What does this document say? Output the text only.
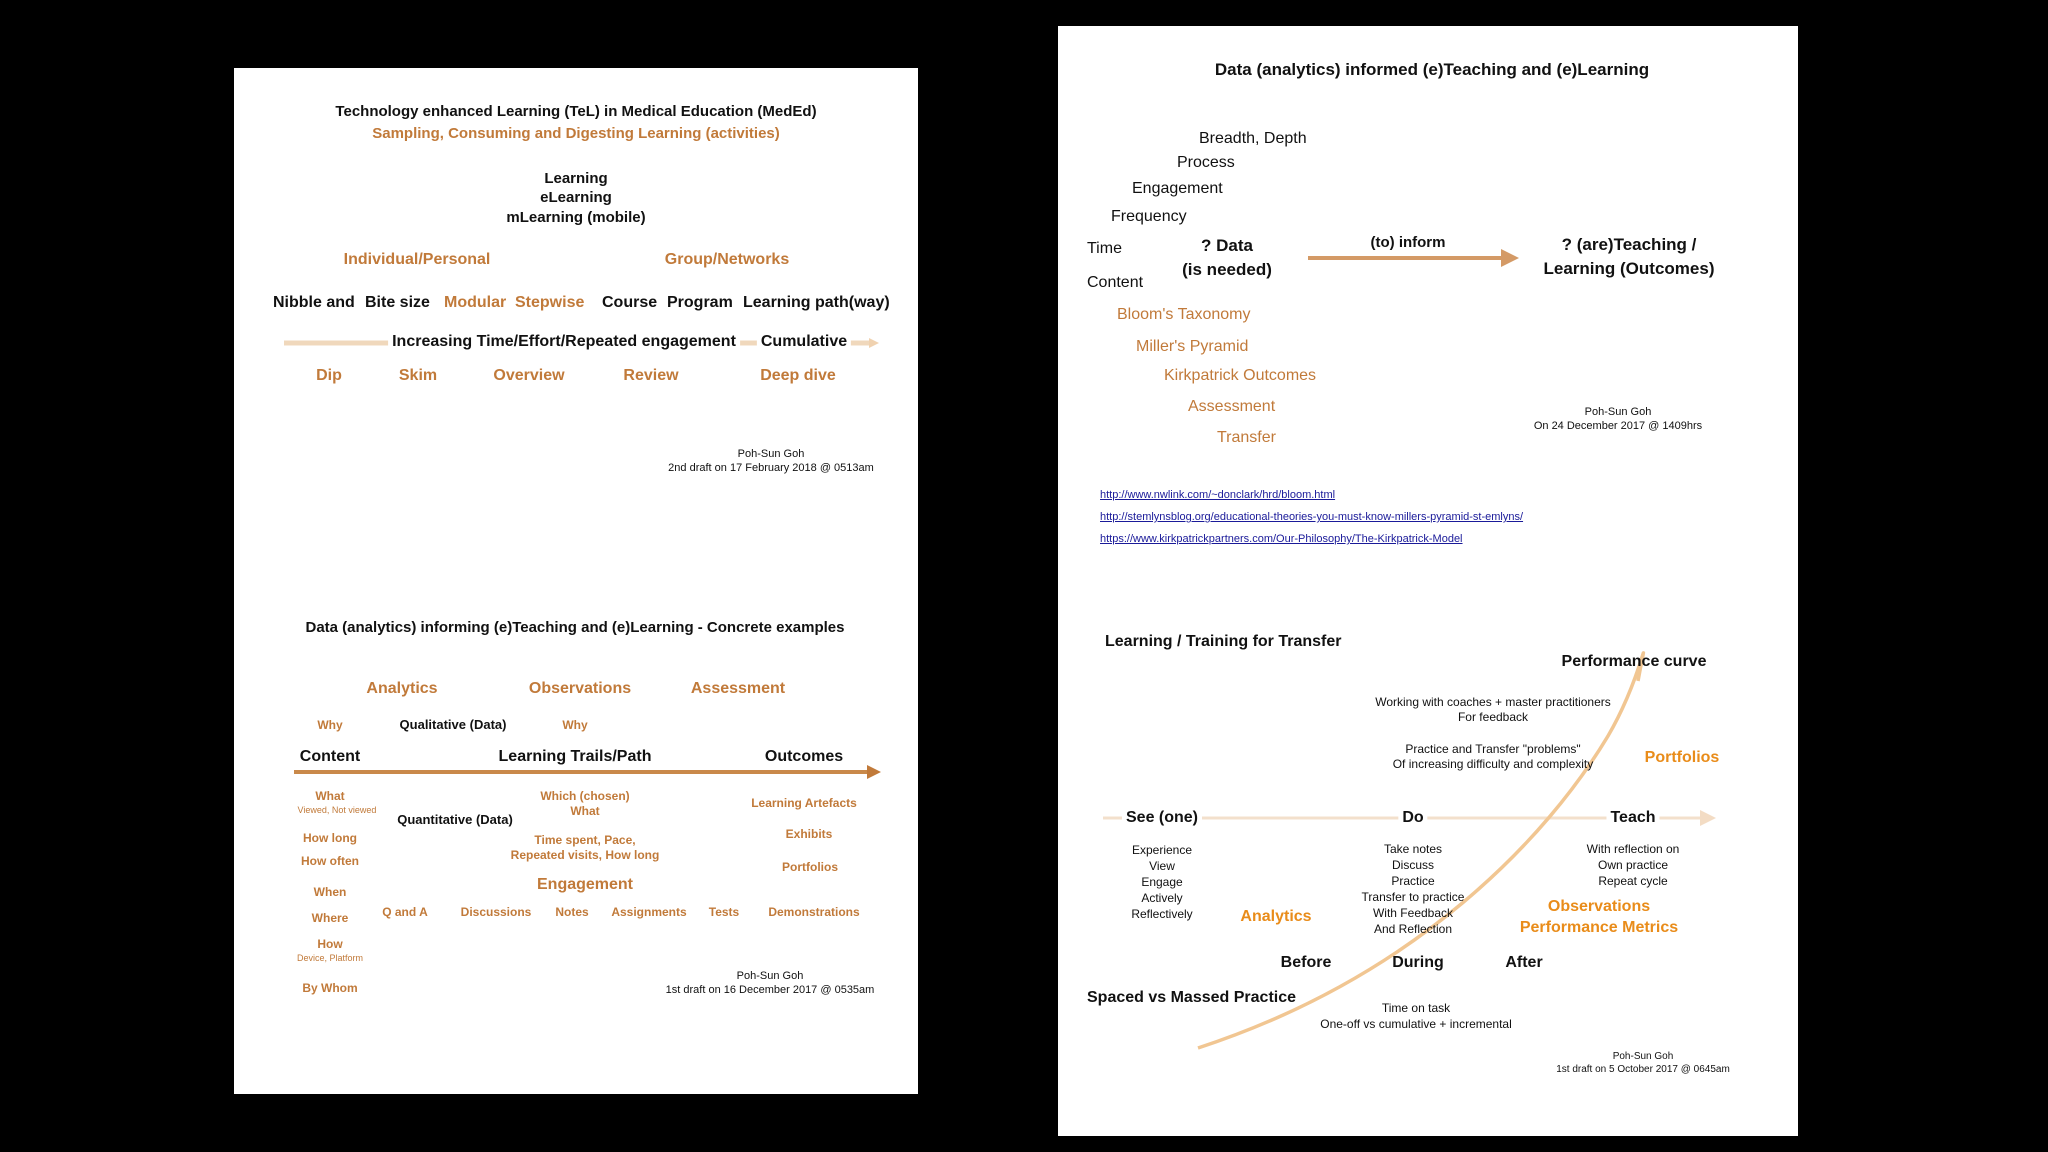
Technology enhanced Learning (TeL) in Medical Education (MedEd)
Sampling, Consuming and Digesting Learning (activities)
Learning
eLearning
mLearning (mobile)
Individual/Personal	Group/Networks
Nibble and Bite size Modular Stepwise Course Program Learning path(way)
Increasing Time/Effort/Repeated engagement Cumulative
Dip	Skim	Overview	Review	Deep dive
Poh-Sun Goh
2nd draft on 17 February 2018 @ 0513am
Data (analytics) informing (e)Teaching and (e)Learning - Concrete examples
Analytics	Observations	Assessment
Why	Qualitative (Data)	Why
Content	Learning Trails/Path	Outcomes
What
Viewed, Not viewed
Quantitative (Data)
Which (chosen)
What
Learning Artefacts
Exhibits
How long
How often
Time spent, Pace,
Repeated visits, How long
Portfolios
Engagement
When
Q and A	Discussions Notes Assignments Tests Demonstrations
Where
How
Device, Platform
By Whom
Poh-Sun Goh
1st draft on 16 December 2017 @ 0535am
Data (analytics) informed (e)Teaching and (e)Learning
Breadth, Depth
Process
Engagement
Frequency
Time
Content
? Data
(is needed)
(to) inform	? (are)Teaching /
Learning (Outcomes)
Bloom's Taxonomy
Miller's Pyramid
Kirkpatrick Outcomes
Assessment
Transfer
Poh-Sun Goh
On 24 December 2017 @ 1409hrs
http://www.nwlink.com/~donclark/hrd/bloom.html
http://stemlynsblog.org/educational-theories-you-must-know-millers-pyramid-st-emlyns/
https://www.kirkpatrickpartners.com/Our-Philosophy/The-Kirkpatrick-Model
Learning / Training for Transfer
Performance curve
Working with coaches + master practitioners
For feedback
Practice and Transfer "problems"
Of increasing difficulty and complexity	Portfolios
See (one)	Do	Teach
Experience
View
Engage
Actively
Reflectively
Take notes
Discuss
Practice
Transfer to practice
With Feedback
And Reflection
With reflection on
Own practice
Repeat cycle
Analytics
Observations
Performance Metrics
Before	During	After
Spaced vs Massed Practice
Time on task
One-off vs cumulative + incremental
Poh-Sun Goh
1st draft on 5 October 2017 @ 0645am
